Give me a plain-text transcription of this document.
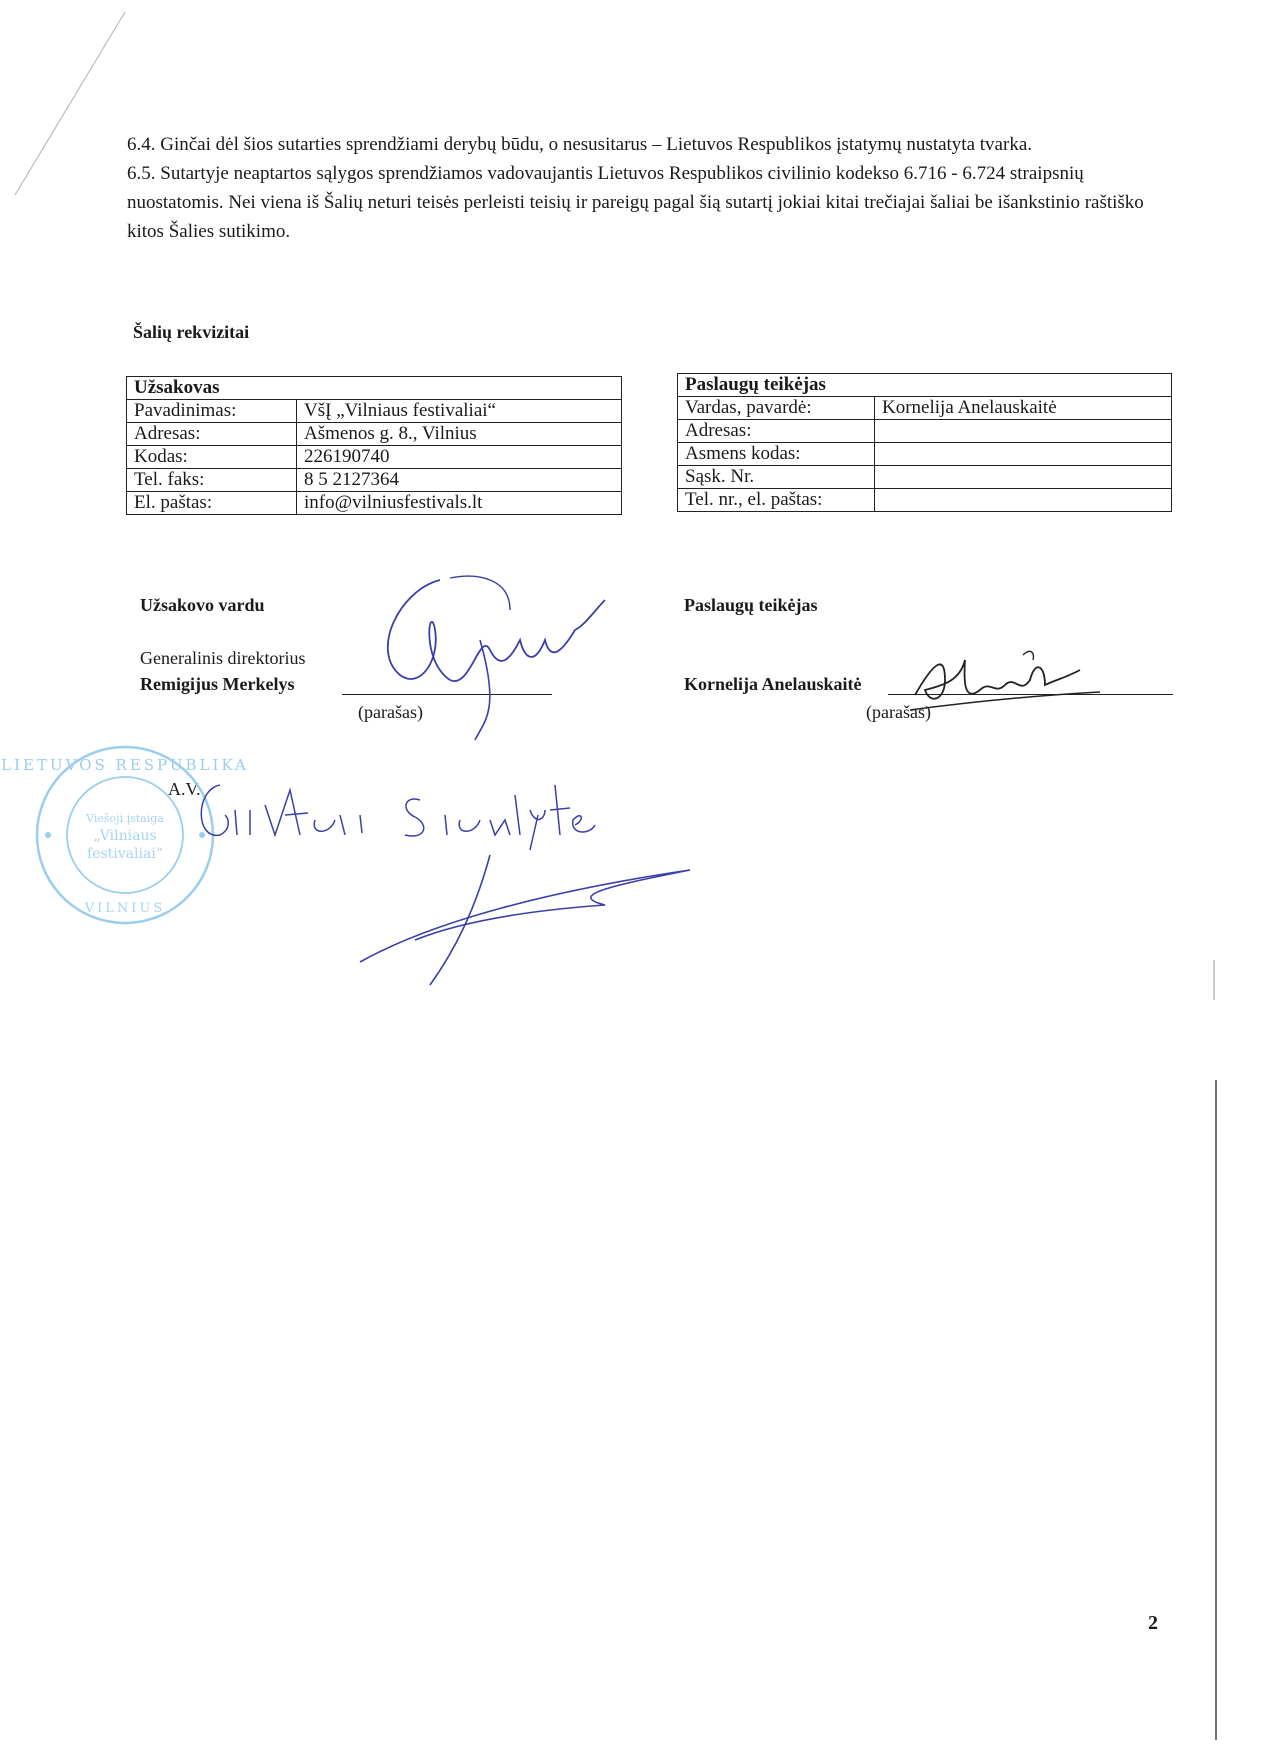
6.4. Ginčai dėl šios sutarties sprendžiami derybų būdu, o nesusitarus – Lietuvos Respublikos įstatymų nustatyta tvarka.

6.5. Sutartyje neaptartos sąlygos sprendžiamos vadovaujantis Lietuvos Respublikos civilinio kodekso 6.716 - 6.724 straipsnių nuostatomis. Nei viena iš Šalių neturi teisės perleisti teisių ir pareigų pagal šią sutartį jokiai kitai trečiajai šaliai be išankstinio raštiško kitos Šalies sutikimo.

Šalių rekvizitai
Užsakovas	
Pavadinimas:	VšĮ „Vilniaus festivaliai“
Adresas:	Ašmenos g. 8., Vilnius
Kodas:	226190740
Tel. faks:	8 5 2127364
El. paštas:	info@vilniusfestivals.lt
Paslaugų teikėjas	
Vardas, pavardė:	Kornelija Anelauskaitė
Adresas:	
Asmens kodas:	
Sąsk. Nr.	
Tel. nr., el. paštas:	
Užsakovo vardu
Generalinis direktorius
Remigijus Merkelys
(parašas)
Paslaugų teikėjas
Kornelija Anelauskaitė
(parašas)
A.V.
LIETUVOS RESPUBLIKA
Viešoji įstaiga
„Vilniaus
festivaliai“
VILNIUS
2
